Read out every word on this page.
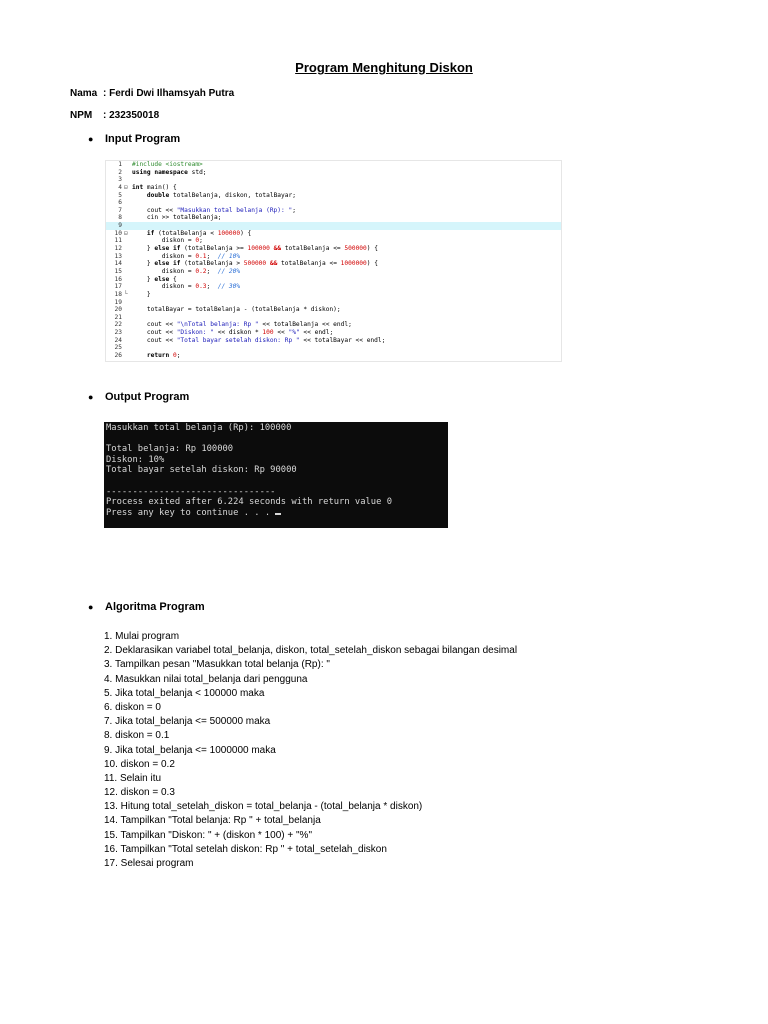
Program Menghitung Diskon
Nama : Ferdi Dwi Ilhamsyah Putra
NPM : 232350018
● Input Program
1 #include <iostream>
2 using namespace std;
3
4 ⊟ int main() {
5	double totalBelanja, diskon, totalBayar;
6
7 cout << "Masukkan total belanja (Rp): ";
8 cin >> totalBelanja;
9
10 ⊟	if (totalBelanja < 100000) {
11 diskon = 0;
12 } else if (totalBelanja >= 100000 && totalBelanja <= 500000) {
13 diskon = 0.1;  // 10%
14 } else if (totalBelanja > 500000 && totalBelanja <= 1000000) {
15 diskon = 0.2;  // 20%
16 } else {
17 diskon = 0.3;  // 30%
18 └ }
19
20 totalBayar = totalBelanja - (totalBelanja * diskon);
21
22 cout << "\nTotal belanja: Rp " << totalBelanja << endl;
23 cout << "Diskon: " << diskon * 100 << "%" << endl;
24 cout << "Total bayar setelah diskon: Rp " << totalBayar << endl;
25
26	return 0;
● Output Program
Masukkan total belanja (Rp): 100000
Total belanja: Rp 100000
Diskon: 10%
Total bayar setelah diskon: Rp 90000
--------------------------------
Process exited after 6.224 seconds with return value 0
Press any key to continue . . .
● Algoritma Program
1. Mulai program
2. Deklarasikan variabel total_belanja, diskon, total_setelah_diskon sebagai bilangan desimal
3. Tampilkan pesan "Masukkan total belanja (Rp): "
4. Masukkan nilai total_belanja dari pengguna
5. Jika total_belanja < 100000 maka
6. diskon = 0
7. Jika total_belanja <= 500000 maka
8. diskon = 0.1
9. Jika total_belanja <= 1000000 maka
10. diskon = 0.2
11. Selain itu
12. diskon = 0.3
13. Hitung total_setelah_diskon = total_belanja - (total_belanja * diskon)
14. Tampilkan "Total belanja: Rp " + total_belanja
15. Tampilkan "Diskon: " + (diskon * 100) + "%"
16. Tampilkan "Total setelah diskon: Rp " + total_setelah_diskon
17. Selesai program
